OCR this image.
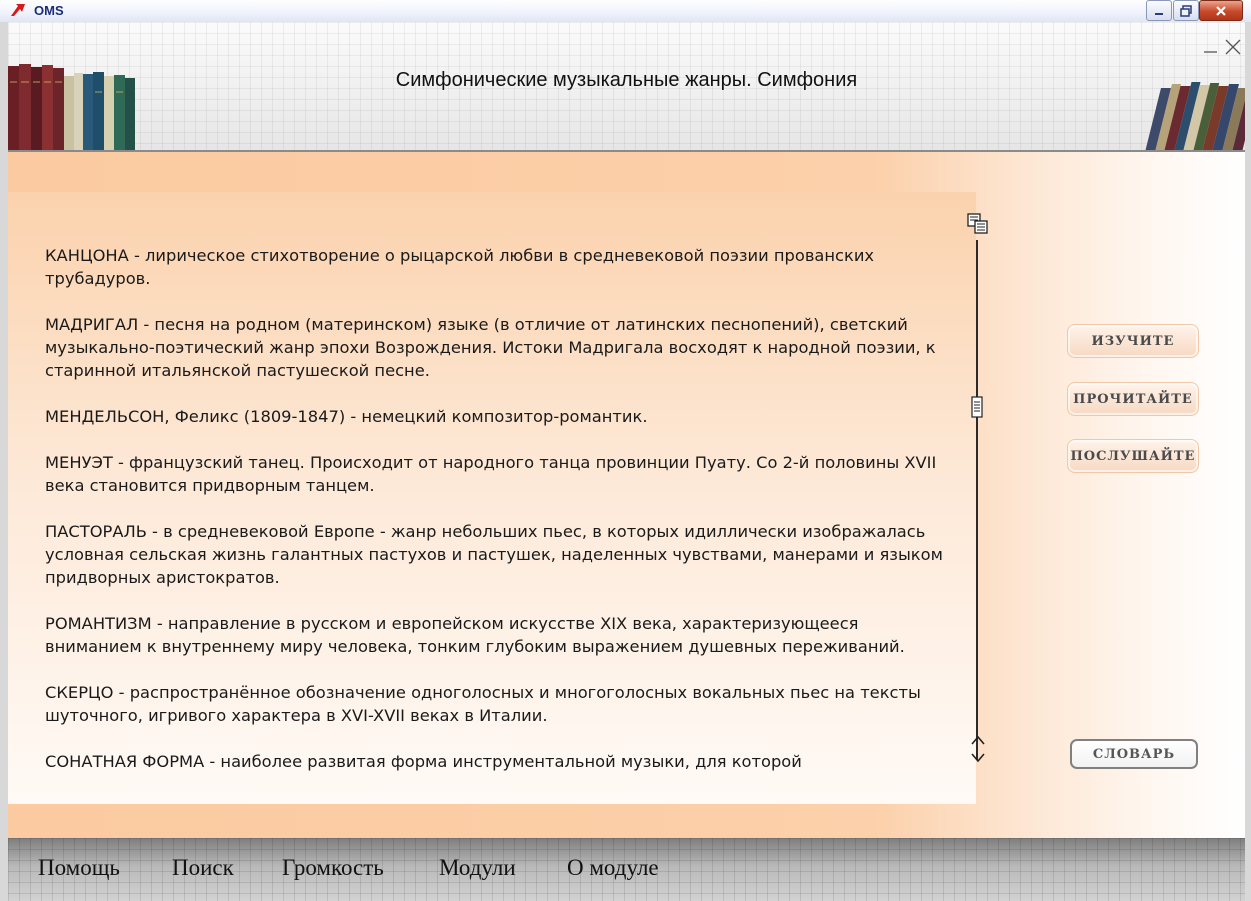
OMS
Симфонические музыкальные жанры. Симфония

КАНЦОНА - лирическое стихотворение о рыцарской любви в средневековой поэзии прованских трубадуров.

МАДРИГАЛ - песня на родном (материнском) языке (в отличие от латинских песнопений), светский музыкально-поэтический жанр эпохи Возрождения. Истоки Мадригала восходят к народной поэзии, к старинной итальянской пастушеской песне.

МЕНДЕЛЬСОН, Феликс (1809-1847) - немецкий композитор-романтик.

МЕНУЭТ - французский танец. Происходит от народного танца провинции Пуату. Со 2-й половины XVII века становится придворным танцем.

ПАСТОРАЛЬ - в средневековой Европе - жанр небольших пьес, в которых идиллически изображалась условная сельская жизнь галантных пастухов и пастушек, наделенных чувствами, манерами и языком придворных аристократов.

РОМАНТИЗМ - направление в русском и европейском искусстве XIX века, характеризующееся вниманием к внутреннему миру человека, тонким глубоким выражением душевных переживаний.

СКЕРЦО - распространённое обозначение одноголосных и многоголосных вокальных пьес на тексты шуточного, игривого характера в XVI-XVII веках в Италии.

СОНАТНАЯ ФОРМА - наиболее развитая форма инструментальной музыки, для которой

ИЗУЧИТЕ
ПРОЧИТАЙТЕ
ПОСЛУШАЙТЕ
СЛОВАРЬ
Помощь Поиск Громкость Модули О модуле
